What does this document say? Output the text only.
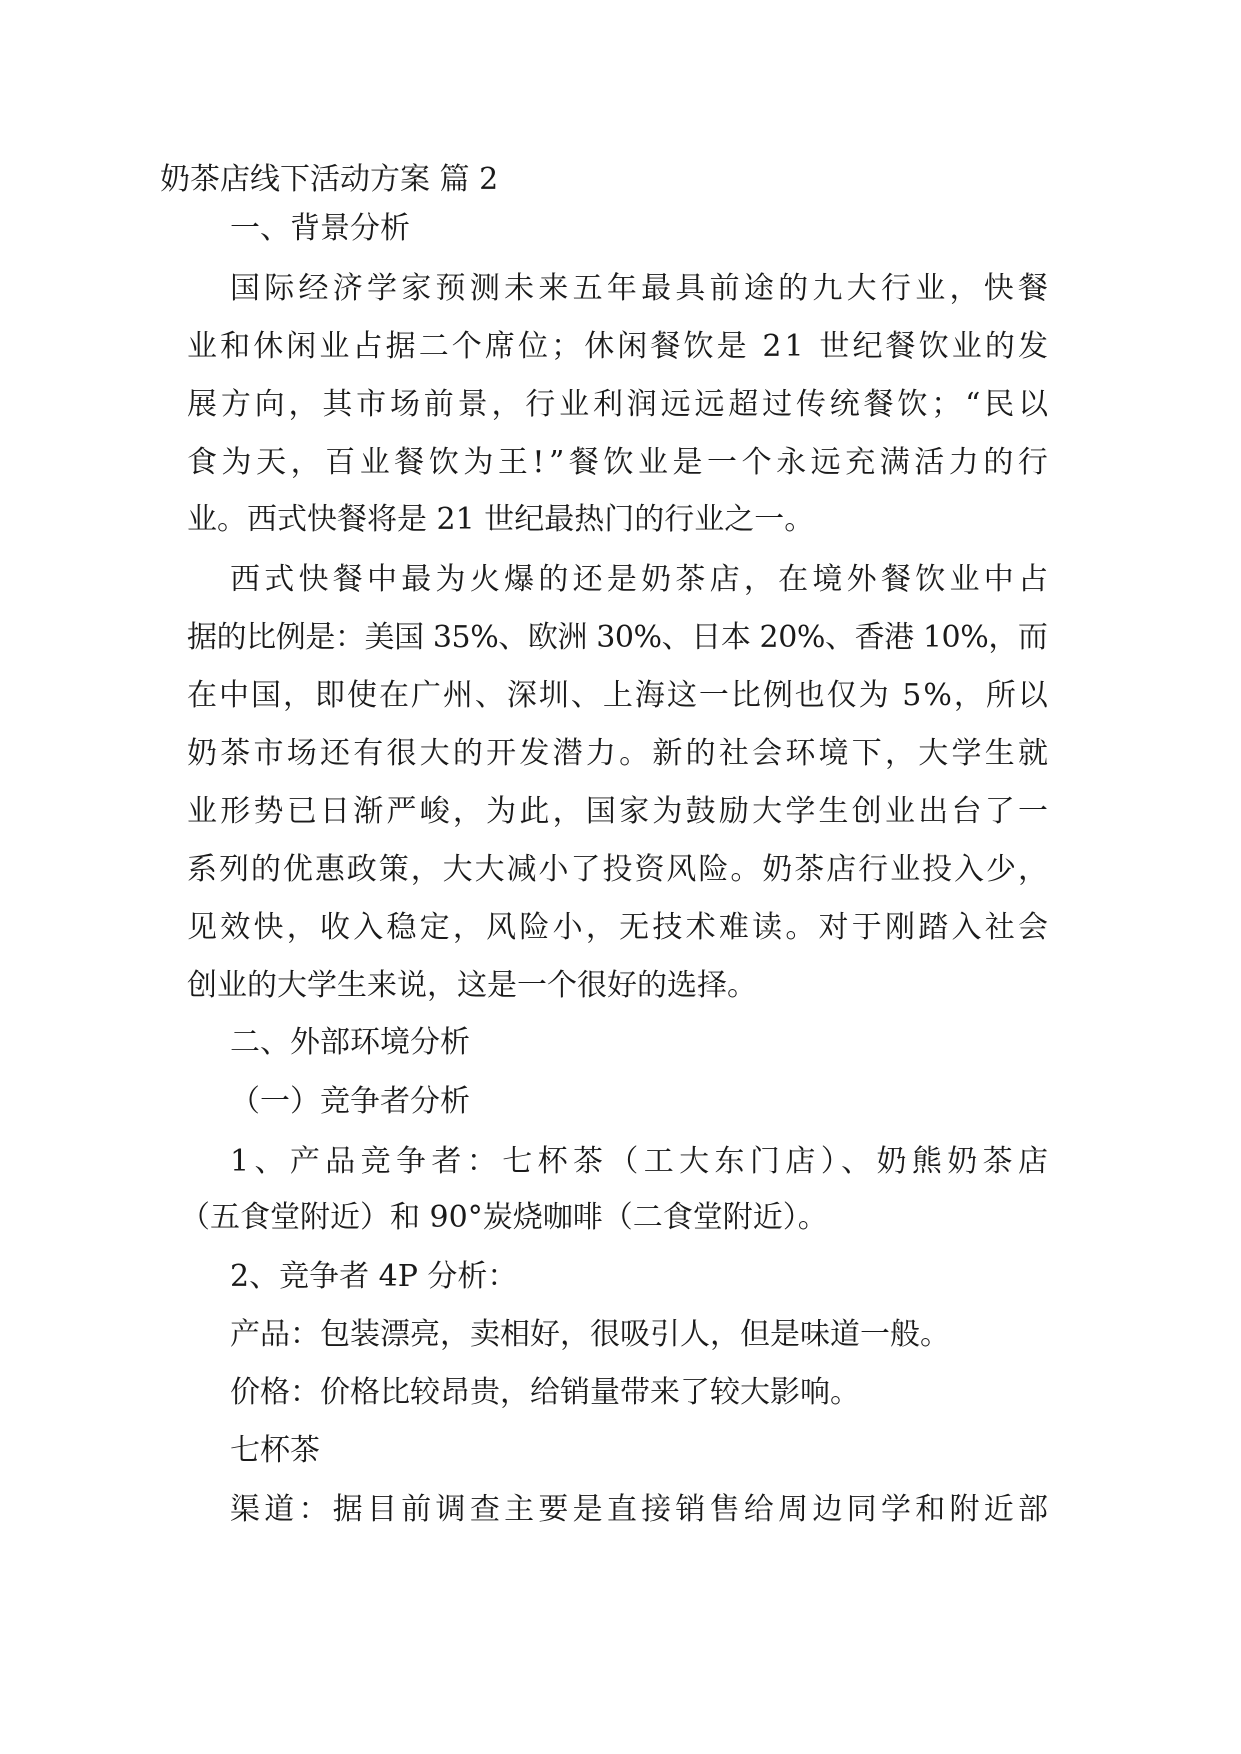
奶茶店线下活动方案 篇 2

一、背景分析

国际经济学家预测未来五年最具前途的九大行业，快餐

业和休闲业占据二个席位；休闲餐饮是 21 世纪餐饮业的发

展方向，其市场前景，行业利润远远超过传统餐饮；“民以

食为天，百业餐饮为王!”餐饮业是一个永远充满活力的行

业。西式快餐将是 21 世纪最热门的行业之一。

西式快餐中最为火爆的还是奶茶店，在境外餐饮业中占

据的比例是：美国 35%、欧洲 30%、日本 20%、香港 10%，而

在中国，即使在广州、深圳、上海这一比例也仅为 5%，所以

奶茶市场还有很大的开发潜力。新的社会环境下，大学生就

业形势已日渐严峻，为此，国家为鼓励大学生创业出台了一

系列的优惠政策，大大减小了投资风险。奶茶店行业投入少，

见效快，收入稳定，风险小，无技术难读。对于刚踏入社会

创业的大学生来说，这是一个很好的选择。

二、外部环境分析

（一）竞争者分析

1、产品竞争者：七杯茶（工大东门店）、奶熊奶茶店

（五食堂附近）和 90°炭烧咖啡（二食堂附近）。

2、竞争者 4P 分析：

产品：包装漂亮，卖相好，很吸引人，但是味道一般。

价格：价格比较昂贵，给销量带来了较大影响。

七杯茶

渠道：据目前调查主要是直接销售给周边同学和附近部
